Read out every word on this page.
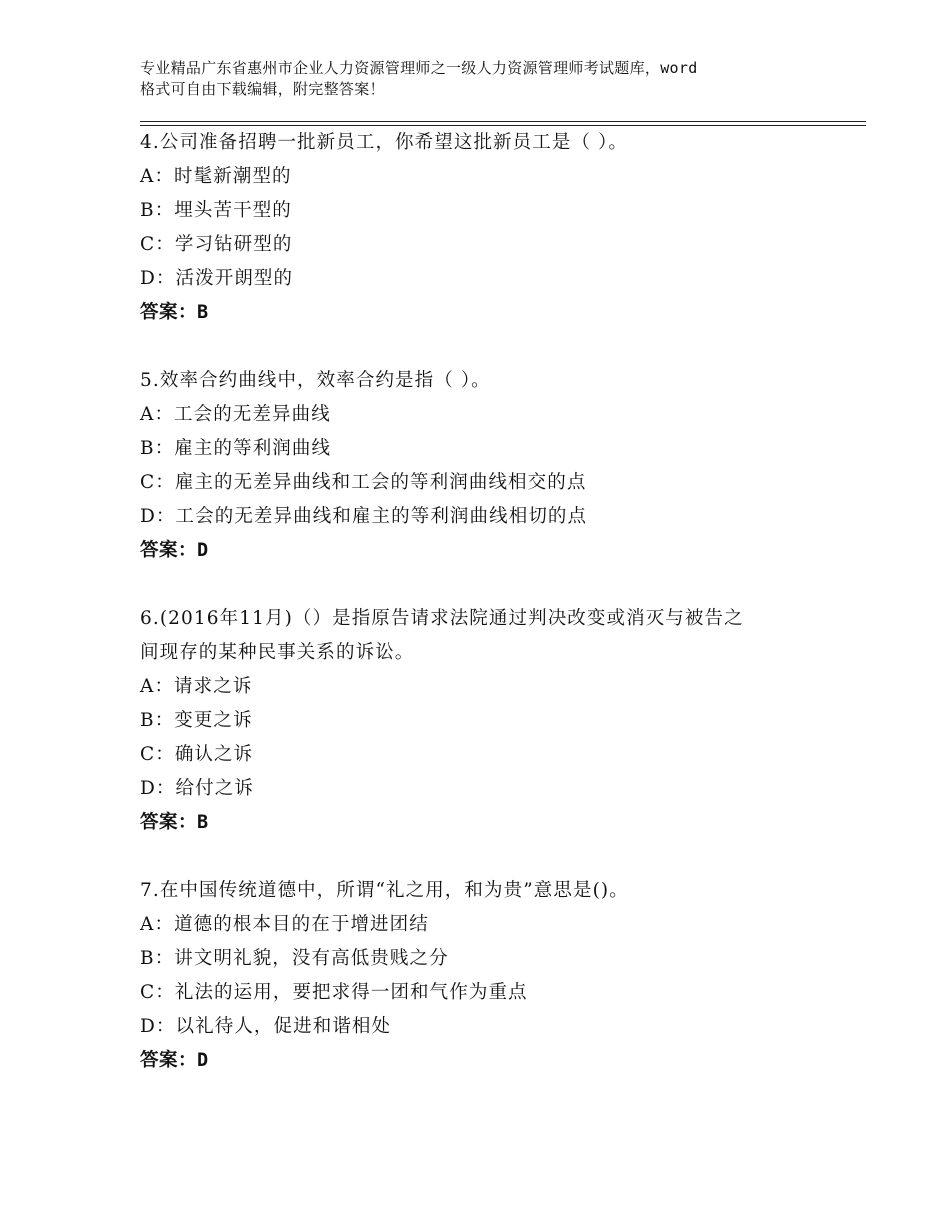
专业精品广东省惠州市企业人力资源管理师之一级人力资源管理师考试题库，word
格式可自由下载编辑，附完整答案！
4.公司准备招聘一批新员工，你希望这批新员工是（ ）。
A：时髦新潮型的
B：埋头苦干型的
C：学习钻研型的
D：活泼开朗型的
答案：B
5.效率合约曲线中，效率合约是指（ ）。
A：工会的无差异曲线
B：雇主的等利润曲线
C：雇主的无差异曲线和工会的等利润曲线相交的点
D：工会的无差异曲线和雇主的等利润曲线相切的点
答案：D
6.(2016年11月)（）是指原告请求法院通过判决改变或消灭与被告之
间现存的某种民事关系的诉讼。
A：请求之诉
B：变更之诉
C：确认之诉
D：给付之诉
答案：B
7.在中国传统道德中，所谓“礼之用，和为贵”意思是()。
A：道德的根本目的在于增进团结
B：讲文明礼貌，没有高低贵贱之分
C：礼法的运用，要把求得一团和气作为重点
D：以礼待人，促进和谐相处
答案：D
